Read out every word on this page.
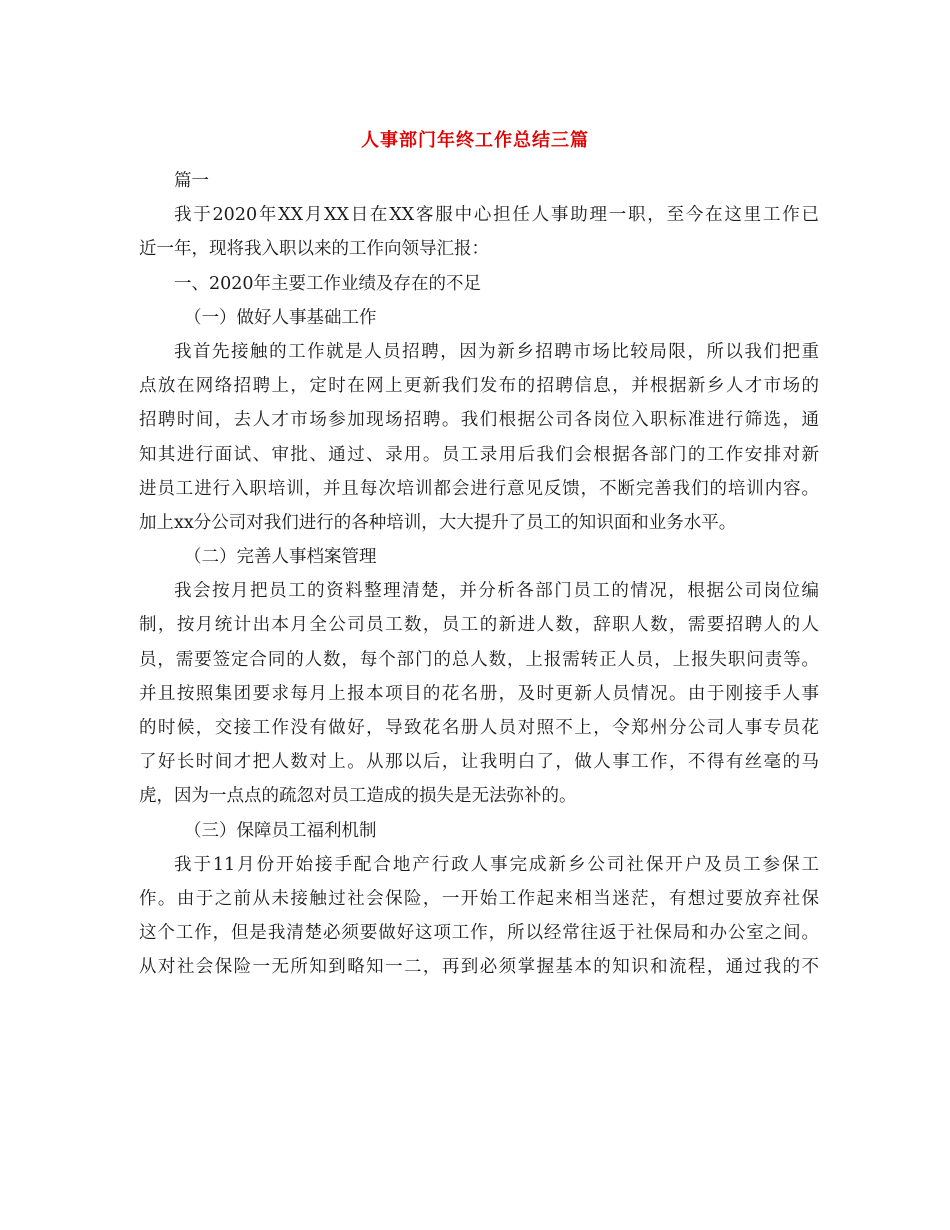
人事部门年终工作总结三篇
篇一
我于2020年XX月XX日在XX客服中心担任人事助理一职，至今在这里工作已
近一年，现将我入职以来的工作向领导汇报：
一、2020年主要工作业绩及存在的不足
（一）做好人事基础工作
我首先接触的工作就是人员招聘，因为新乡招聘市场比较局限，所以我们把重
点放在网络招聘上，定时在网上更新我们发布的招聘信息，并根据新乡人才市场的
招聘时间，去人才市场参加现场招聘。我们根据公司各岗位入职标准进行筛选，通
知其进行面试、审批、通过、录用。员工录用后我们会根据各部门的工作安排对新
进员工进行入职培训，并且每次培训都会进行意见反馈，不断完善我们的培训内容。
加上xx分公司对我们进行的各种培训，大大提升了员工的知识面和业务水平。
（二）完善人事档案管理
我会按月把员工的资料整理清楚，并分析各部门员工的情况，根据公司岗位编
制，按月统计出本月全公司员工数，员工的新进人数，辞职人数，需要招聘人的人
员，需要签定合同的人数，每个部门的总人数，上报需转正人员，上报失职问责等。
并且按照集团要求每月上报本项目的花名册，及时更新人员情况。由于刚接手人事
的时候，交接工作没有做好，导致花名册人员对照不上，令郑州分公司人事专员花
了好长时间才把人数对上。从那以后，让我明白了，做人事工作，不得有丝毫的马
虎，因为一点点的疏忽对员工造成的损失是无法弥补的。
（三）保障员工福利机制
我于11月份开始接手配合地产行政人事完成新乡公司社保开户及员工参保工
作。由于之前从未接触过社会保险，一开始工作起来相当迷茫，有想过要放弃社保
这个工作，但是我清楚必须要做好这项工作，所以经常往返于社保局和办公室之间。
从对社会保险一无所知到略知一二，再到必须掌握基本的知识和流程，通过我的不
